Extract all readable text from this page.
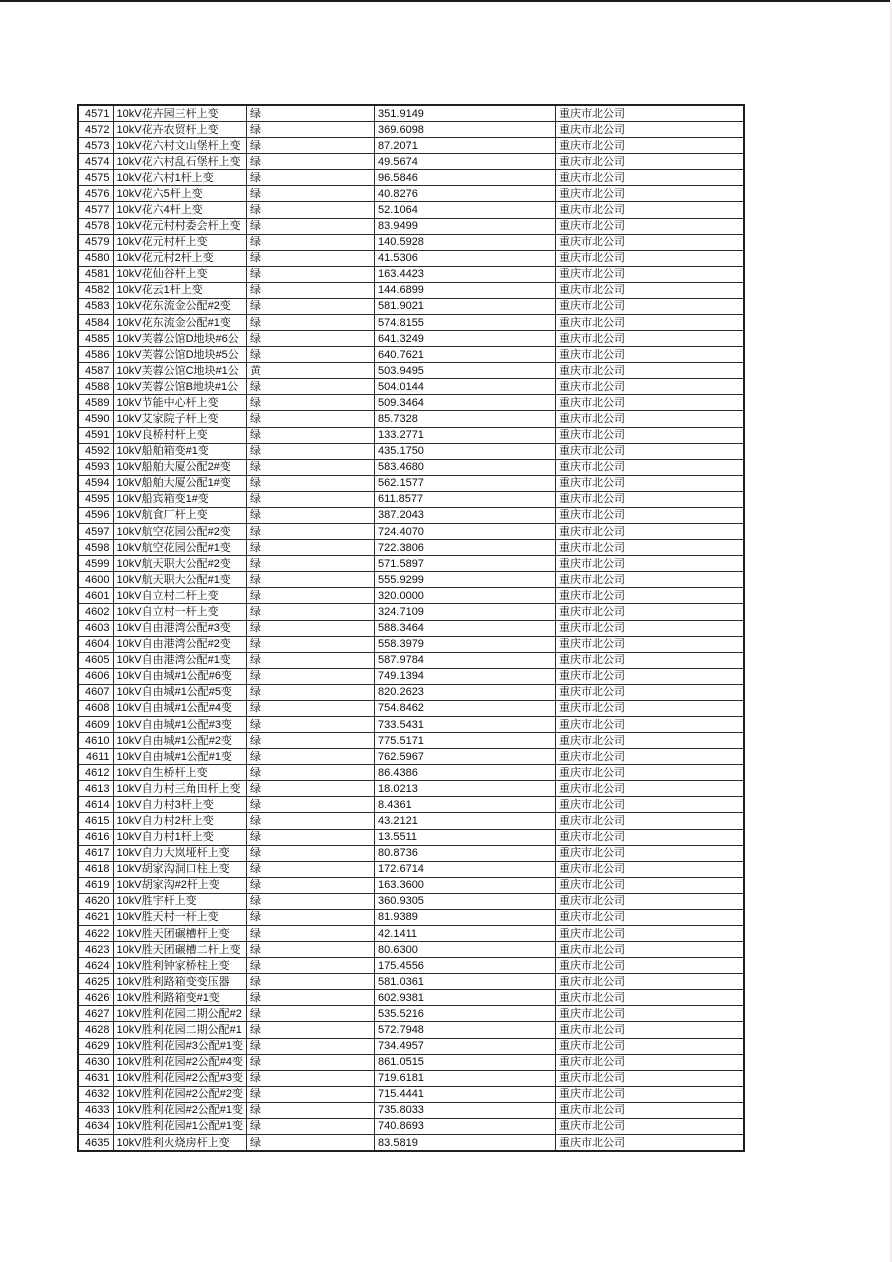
4571	10kV花卉园三杆上变	绿	351.9149	重庆市北公司
4572	10kV花卉农贸杆上变	绿	369.6098	重庆市北公司
4573	10kV花六村文山堡杆上变	绿	87.2071	重庆市北公司
4574	10kV花六村乱石堡杆上变	绿	49.5674	重庆市北公司
4575	10kV花六村1杆上变	绿	96.5846	重庆市北公司
4576	10kV花六5杆上变	绿	40.8276	重庆市北公司
4577	10kV花六4杆上变	绿	52.1064	重庆市北公司
4578	10kV花元村村委会杆上变	绿	83.9499	重庆市北公司
4579	10kV花元村杆上变	绿	140.5928	重庆市北公司
4580	10kV花元村2杆上变	绿	41.5306	重庆市北公司
4581	10kV花仙谷杆上变	绿	163.4423	重庆市北公司
4582	10kV花云1杆上变	绿	144.6899	重庆市北公司
4583	10kV花东流金公配#2变	绿	581.9021	重庆市北公司
4584	10kV花东流金公配#1变	绿	574.8155	重庆市北公司
4585	10kV芙蓉公馆D地块#6公	绿	641.3249	重庆市北公司
4586	10kV芙蓉公馆D地块#5公	绿	640.7621	重庆市北公司
4587	10kV芙蓉公馆C地块#1公	黄	503.9495	重庆市北公司
4588	10kV芙蓉公馆B地块#1公	绿	504.0144	重庆市北公司
4589	10kV节能中心杆上变	绿	509.3464	重庆市北公司
4590	10kV艾家院子杆上变	绿	85.7328	重庆市北公司
4591	10kV良桥村杆上变	绿	133.2771	重庆市北公司
4592	10kV船舶箱变#1变	绿	435.1750	重庆市北公司
4593	10kV船舶大厦公配2#变	绿	583.4680	重庆市北公司
4594	10kV船舶大厦公配1#变	绿	562.1577	重庆市北公司
4595	10kV船宾箱变1#变	绿	611.8577	重庆市北公司
4596	10kV航食厂杆上变	绿	387.2043	重庆市北公司
4597	10kV航空花园公配#2变	绿	724.4070	重庆市北公司
4598	10kV航空花园公配#1变	绿	722.3806	重庆市北公司
4599	10kV航天职大公配#2变	绿	571.5897	重庆市北公司
4600	10kV航天职大公配#1变	绿	555.9299	重庆市北公司
4601	10kV自立村二杆上变	绿	320.0000	重庆市北公司
4602	10kV自立村一杆上变	绿	324.7109	重庆市北公司
4603	10kV自由港湾公配#3变	绿	588.3464	重庆市北公司
4604	10kV自由港湾公配#2变	绿	558.3979	重庆市北公司
4605	10kV自由港湾公配#1变	绿	587.9784	重庆市北公司
4606	10kV自由城#1公配#6变	绿	749.1394	重庆市北公司
4607	10kV自由城#1公配#5变	绿	820.2623	重庆市北公司
4608	10kV自由城#1公配#4变	绿	754.8462	重庆市北公司
4609	10kV自由城#1公配#3变	绿	733.5431	重庆市北公司
4610	10kV自由城#1公配#2变	绿	775.5171	重庆市北公司
4611	10kV自由城#1公配#1变	绿	762.5967	重庆市北公司
4612	10kV自生桥杆上变	绿	86.4386	重庆市北公司
4613	10kV自力村三角田杆上变	绿	18.0213	重庆市北公司
4614	10kV自力村3杆上变	绿	8.4361	重庆市北公司
4615	10kV自力村2杆上变	绿	43.2121	重庆市北公司
4616	10kV自力村1杆上变	绿	13.5511	重庆市北公司
4617	10kV自力大岚垭杆上变	绿	80.8736	重庆市北公司
4618	10kV胡家沟洞口柱上变	绿	172.6714	重庆市北公司
4619	10kV胡家沟#2杆上变	绿	163.3600	重庆市北公司
4620	10kV胜宇杆上变	绿	360.9305	重庆市北公司
4621	10kV胜天村一杆上变	绿	81.9389	重庆市北公司
4622	10kV胜天团碾槽杆上变	绿	42.1411	重庆市北公司
4623	10kV胜天团碾槽二杆上变	绿	80.6300	重庆市北公司
4624	10kV胜利钟家桥柱上变	绿	175.4556	重庆市北公司
4625	10kV胜利路箱变变压器	绿	581.0361	重庆市北公司
4626	10kV胜利路箱变#1变	绿	602.9381	重庆市北公司
4627	10kV胜利花园二期公配#2	绿	535.5216	重庆市北公司
4628	10kV胜利花园二期公配#1	绿	572.7948	重庆市北公司
4629	10kV胜利花园#3公配#1变	绿	734.4957	重庆市北公司
4630	10kV胜利花园#2公配#4变	绿	861.0515	重庆市北公司
4631	10kV胜利花园#2公配#3变	绿	719.6181	重庆市北公司
4632	10kV胜利花园#2公配#2变	绿	715.4441	重庆市北公司
4633	10kV胜利花园#2公配#1变	绿	735.8033	重庆市北公司
4634	10kV胜利花园#1公配#1变	绿	740.8693	重庆市北公司
4635	10kV胜利火烧房杆上变	绿	83.5819	重庆市北公司
